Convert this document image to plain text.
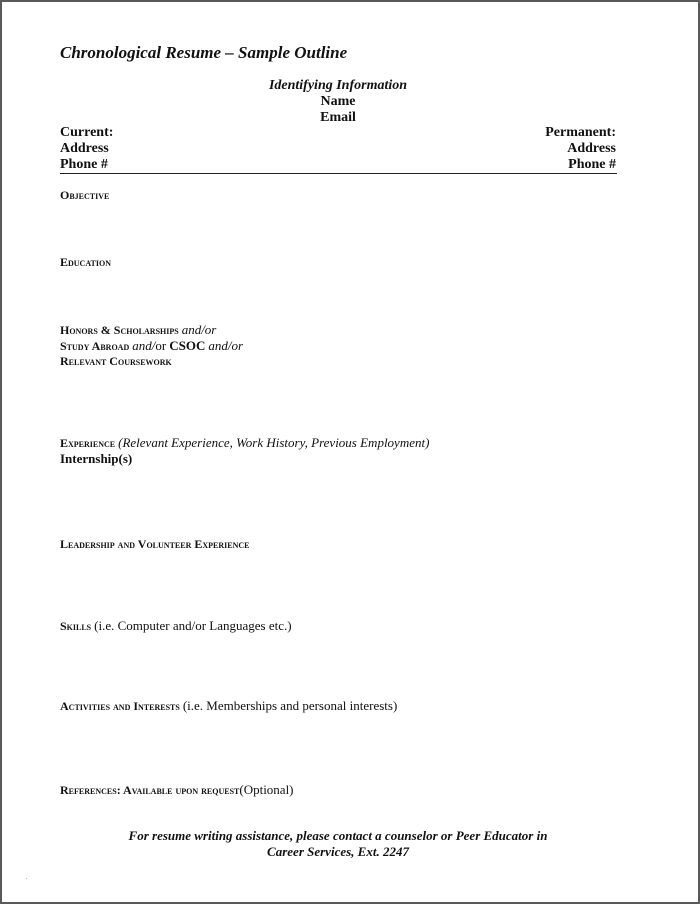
Chronological Resume – Sample Outline
Identifying Information
Name
Email
Current:
Address
Phone #
Permanent:
Address
Phone #
Objective
Education
Honors & Scholarships and/or
Study Abroad and/or CSOC and/or
Relevant Coursework
Experience (Relevant Experience, Work History, Previous Employment)
Internship(s)
Leadership and Volunteer Experience
Skills (i.e. Computer and/or Languages etc.)
Activities and Interests (i.e. Memberships and personal interests)
References: Available upon request(Optional)
For resume writing assistance, please contact a counselor or Peer Educator in
Career Services, Ext. 2247
